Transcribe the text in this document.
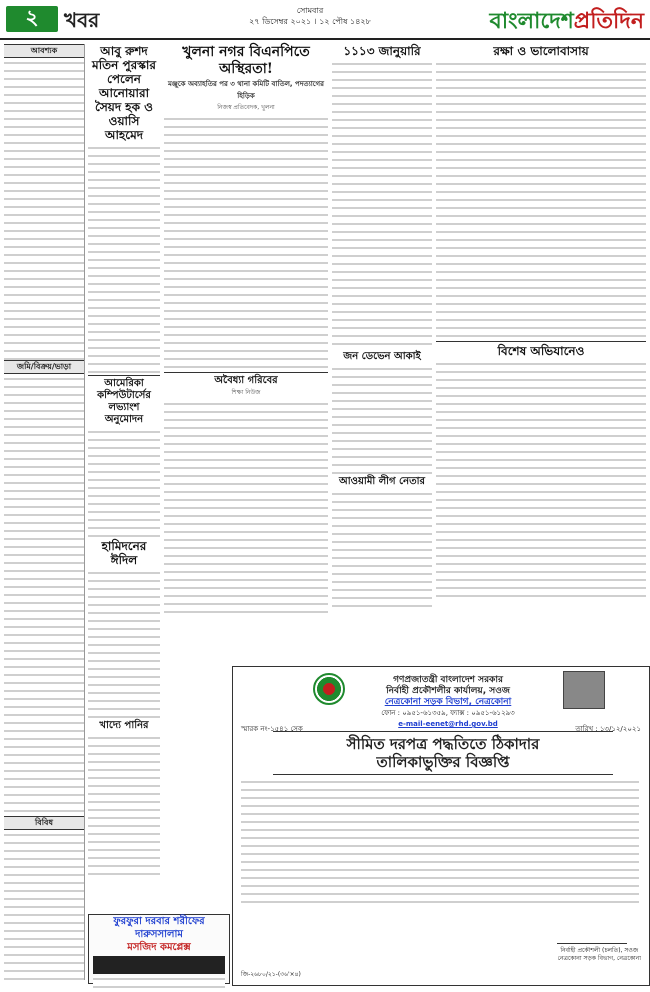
২	খবর	সোমবার
২৭ ডিসেম্বর ২০২১ । ১২ পৌষ ১৪২৮	বাংলাদেশপ্রতিদিন
আবশ্যক
জমি/বিক্রয়/ভাড়া
বিবিধ
আবু রুশদ মতিন পুরস্কার পেলেন আনোয়ারা সৈয়দ হক ও ওয়াসি আহমেদ
আমেরিকা কম্পিউটার্সের লভ্যাংশ অনুমোদন
হামিদনের ঈদিল
খাদ্যে পানির
খুলনা নগর বিএনপিতে অস্থিরতা!
মঞ্জুকে অব্যাহতির পর ৩ থানা কমিটি বাতিল, পদত্যাগের হিড়িক
নিজস্ব প্রতিবেদক, খুলনা
অবৈধ্যা গরিবের
শিক্ষা নিউজ
১১১৩ জানুয়ারি
জন ডেভেন আকাই
আওয়ামী লীগ নেতার
রক্ষা ও ভালোবাসায়
বিশেষ অভিযানেও
গণপ্রজাতন্ত্রী বাংলাদেশ সরকার
নির্বাহী প্রকৌশলীর কার্যালয়, সওজ
নেত্রকোনা সড়ক বিভাগ, নেত্রকোনা
ফোন : ০৯৫১-৬১৩৫৯, ফ্যাক্স : ০৯৫১-৬১২৯৩
e-mail-eenet@rhd.gov.bd
স্মারক নং-১৫৪১ সেক	তারিখ : ১৩/১২/২০২১
সীমিত দরপত্র পদ্ধতিতে ঠিকাদার
তালিকাভুক্তির বিজ্ঞপ্তি
নির্বাহী প্রকৌশলী (চলতি), সওজ
নেত্রকোনা সড়ক বিভাগ, নেত্রকোনা
জি-২৬৮০/২১-(৩৬'×৪)
ফুরফুরা দরবার শরীফের দারুসসালাম
মসজিদ কমপ্লেক্স
